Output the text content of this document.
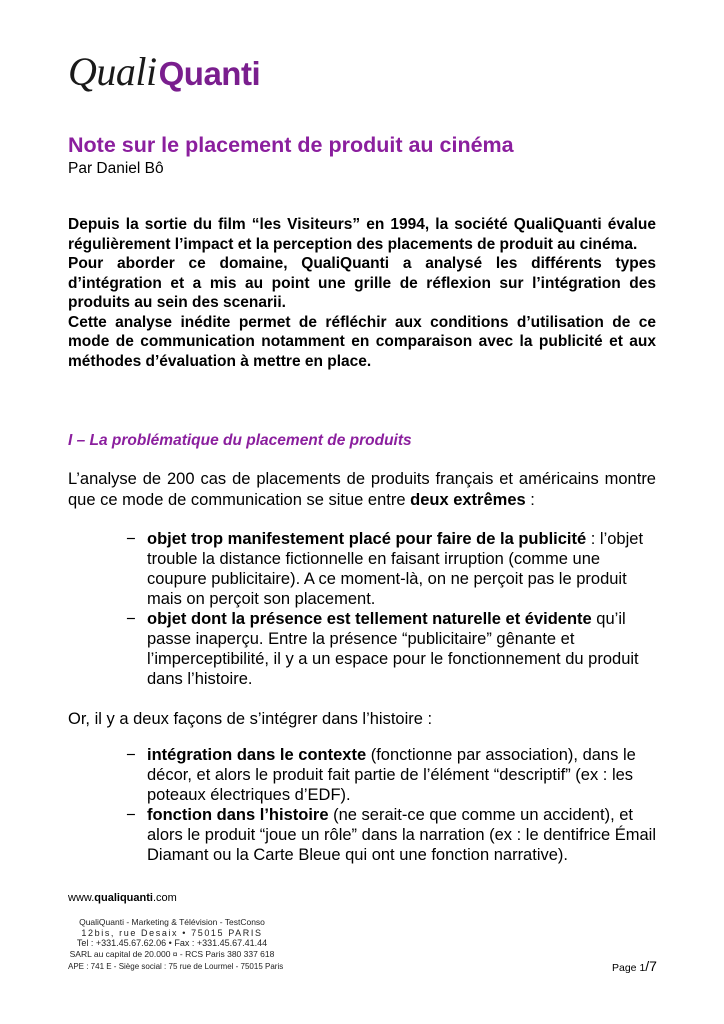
QualiQuanti
Note sur le placement de produit au cinéma
Par Daniel Bô

Depuis la sortie du film “les Visiteurs” en 1994, la société QualiQuanti évalue régulièrement l’impact et la perception des placements de produit au cinéma.

Pour aborder ce domaine, QualiQuanti a analysé les différents types d’intégration et a mis au point une grille de réflexion sur l’intégration des produits au sein des scenarii.

Cette analyse inédite permet de réfléchir aux conditions d’utilisation de ce mode de communication notamment en comparaison avec la publicité et aux méthodes d’évaluation à mettre en place.

I – La problématique du placement de produits

L’analyse de 200 cas de placements de produits français et américains montre que ce mode de communication se situe entre deux extrêmes :

− objet trop manifestement placé pour faire de la publicité : l’objet trouble la distance fictionnelle en faisant irruption (comme une coupure publicitaire). A ce moment-là, on ne perçoit pas le produit mais on perçoit son placement.
− objet dont la présence est tellement naturelle et évidente qu’il passe inaperçu. Entre la présence “publicitaire” gênante et l’imperceptibilité, il y a un espace pour le fonctionnement du produit dans l’histoire.

Or, il y a deux façons de s’intégrer dans l’histoire :

− intégration dans le contexte (fonctionne par association), dans le décor, et alors le produit fait partie de l’élément “descriptif” (ex : les poteaux électriques d’EDF).
− fonction dans l’histoire (ne serait-ce que comme un accident), et alors le produit “joue un rôle” dans la narration (ex : le dentifrice Émail Diamant ou la Carte Bleue qui ont une fonction narrative).
www.qualiquanti.com
QualiQuanti - Marketing & Télévision - TestConso
12bis, rue Desaix • 75015 PARIS
Tel : +331.45.67.62.06 • Fax : +331.45.67.41.44
SARL au capital de 20.000 ¤ - RCS Paris 380 337 618
APE : 741 E - Siège social : 75 rue de Lourmel - 75015 Paris	Page 1/7
